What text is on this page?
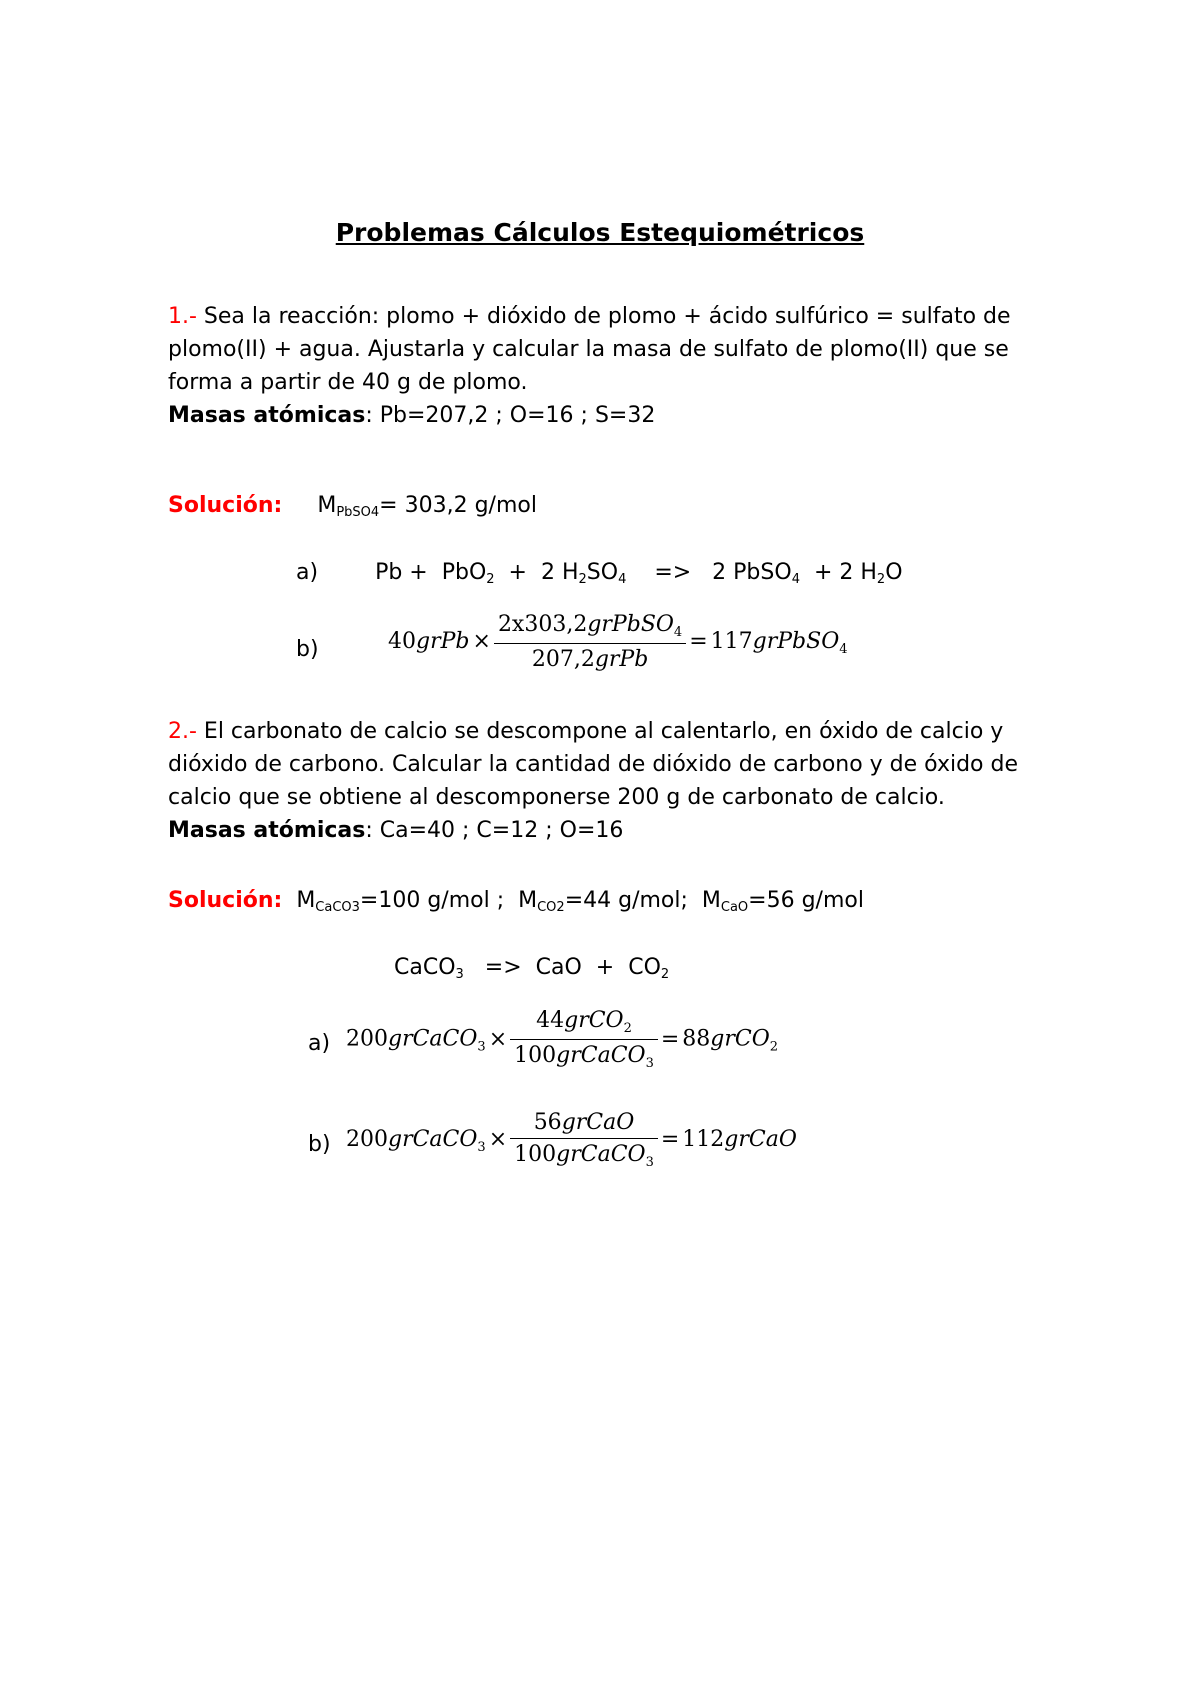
Problemas Cálculos Estequiométricos
1.- Sea la reacción: plomo + dióxido de plomo + ácido sulfúrico = sulfato de
plomo(II) + agua. Ajustarla y calcular la masa de sulfato de plomo(II) que se
forma a partir de 40 g de plomo.
Masas atómicas: Pb=207,2 ; O=16 ; S=32
Solución: $M_{PbSO4}= 303,2$ g/mol
a)	Pb +  PbO$_2$  +  2 $H_2SO_4$    =>   2 PbSO$_4$  + 2 $H_2O$
b)	40grPb × $\frac{2x303,2grPbSO_4}{\text{207,2grPb}}$ = 117grPbSO$_4$
2.- El carbonato de calcio se descompone al calentarlo, en óxido de calcio y
dióxido de carbono. Calcular la cantidad de dióxido de carbono y de óxido de
calcio que se obtiene al descomponerse 200 g de carbonato de calcio.
Masas atómicas: Ca=40 ; C=12 ; O=16
Solución:  $M_{CaCO3}=100$ g/mol ;  $M_{CO2}=44$ g/mol;  $M_{CaO}=56$ g/mol
CaCO$_3$   =>  CaO  +  $CO_2$
a) 200grCaCO$_3$ × $\frac{44grCO_2}{100grCaCO_3}$ = 88grCO$_2$
b) 200grCaCO$_3$ × $\frac{\text{56grCaO}}{100grCaCO_3}$ = 112grCaO
